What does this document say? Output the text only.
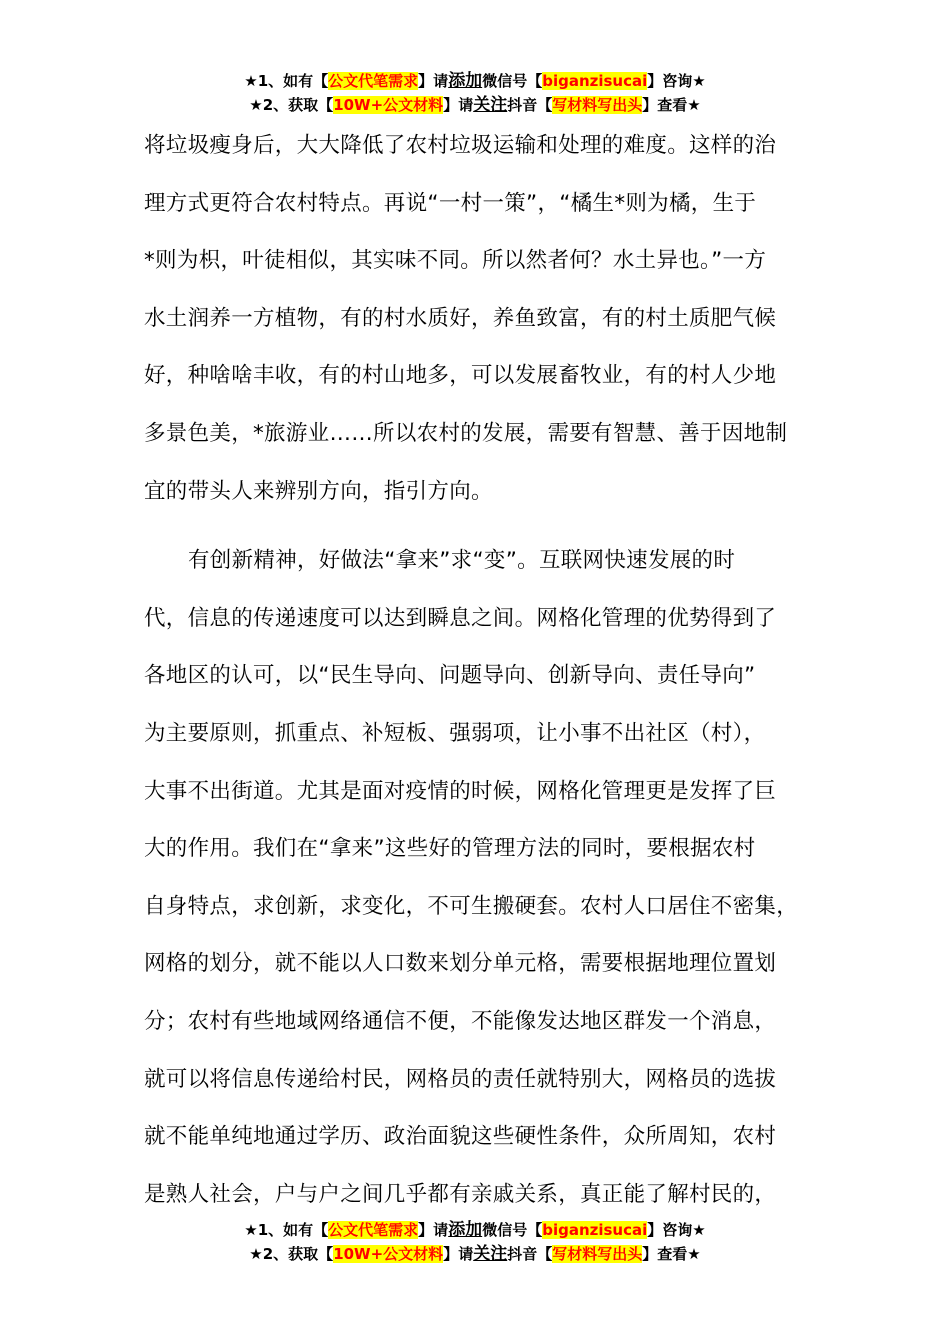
★1、如有【公文代笔需求】请添加微信号【biganzisucai】咨询★
★2、获取【10W+公文材料】请关注抖音【写材料写出头】查看★
将垃圾瘦身后，大大降低了农村垃圾运输和处理的难度。这样的治
理方式更符合农村特点。再说“一村一策”，“橘生*则为橘，生于
*则为枳，叶徒相似，其实味不同。所以然者何？水土异也。”一方
水土润养一方植物，有的村水质好，养鱼致富，有的村土质肥气候
好，种啥啥丰收，有的村山地多，可以发展畜牧业，有的村人少地
多景色美，*旅游业……所以农村的发展，需要有智慧、善于因地制
宜的带头人来辨别方向，指引方向。
有创新精神，好做法“拿来”求“变”。互联网快速发展的时
代，信息的传递速度可以达到瞬息之间。网格化管理的优势得到了
各地区的认可，以“民生导向、问题导向、创新导向、责任导向”
为主要原则，抓重点、补短板、强弱项，让小事不出社区（村），
大事不出街道。尤其是面对疫情的时候，网格化管理更是发挥了巨
大的作用。我们在“拿来”这些好的管理方法的同时，要根据农村
自身特点，求创新，求变化，不可生搬硬套。农村人口居住不密集，
网格的划分，就不能以人口数来划分单元格，需要根据地理位置划
分；农村有些地域网络通信不便，不能像发达地区群发一个消息，
就可以将信息传递给村民，网格员的责任就特别大，网格员的选拔
就不能单纯地通过学历、政治面貌这些硬性条件，众所周知，农村
是熟人社会，户与户之间几乎都有亲戚关系，真正能了解村民的，
★1、如有【公文代笔需求】请添加微信号【biganzisucai】咨询★
★2、获取【10W+公文材料】请关注抖音【写材料写出头】查看★
